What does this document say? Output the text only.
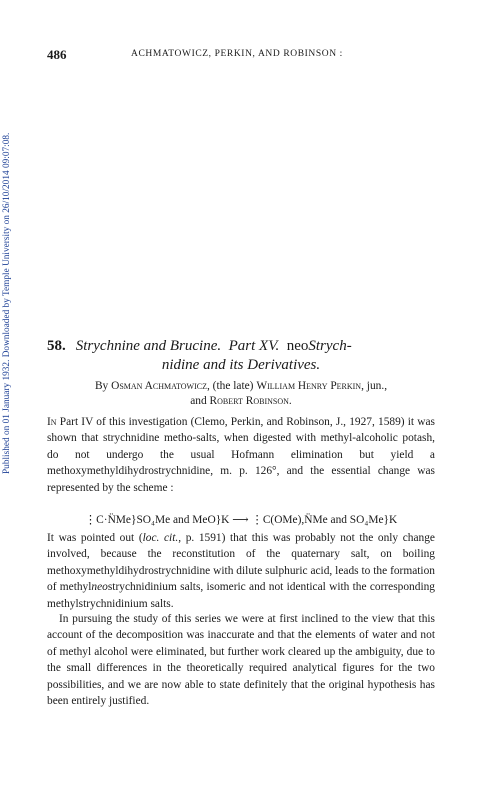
486	ACHMATOWICZ, PERKIN, AND ROBINSON :
Published on 01 January 1932. Downloaded by Temple University on 26/10/2014 09:07:08. 58. Strychnine and Brucine. Part XV. neoStrych-
nidine and its Derivatives.
By Osman Achmatowicz, (the late) William Henry Perkin, jun.,
and Robert Robinson.
In Part IV of this investigation (Clemo, Perkin, and Robinson, J., 1927, 1589) it was shown that strychnidine metho-salts, when digested with methyl-alcoholic potash, do not undergo the usual Hofmann elimination but yield a methoxymethyldihydrostrychnidine, m. p. 126°, and the essential change was represented by the scheme :
⋮C·N̈Me}SO₄Me and MeO}K ⟶ ⋮C(OMe),N̈Me and SO₄Me}K
It was pointed out (loc. cit., p. 1591) that this was probably not the only change involved, because the reconstitution of the quaternary salt, on boiling methoxymethyldihydrostrychnidine with dilute sulphuric acid, leads to the formation of methylneostrychnidinium salts, isomeric and not identical with the corresponding methylstrychnidinium salts.
In pursuing the study of this series we were at first inclined to the view that this account of the decomposition was inaccurate and that the elements of water and not of methyl alcohol were eliminated, but further work cleared up the ambiguity, due to the small differences in the theoretically required analytical figures for the two possibilities, and we are now able to state definitely that the original hypothesis has been entirely justified.
